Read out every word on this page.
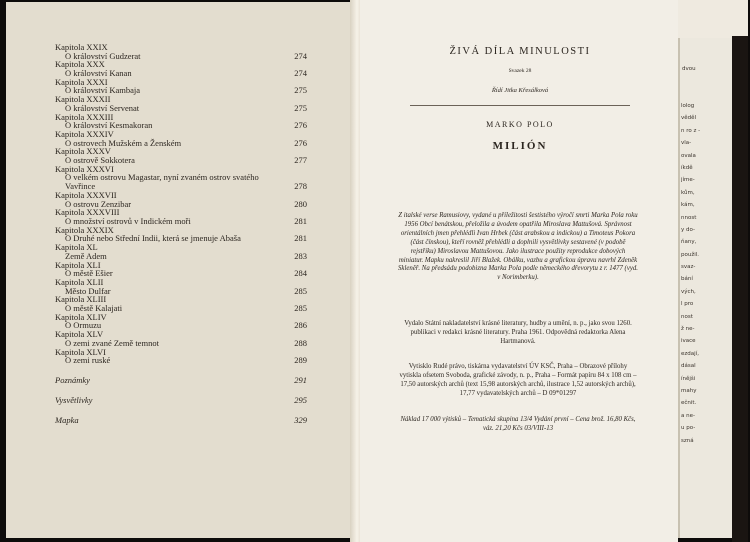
Kapitola XXIX
O království Gudzerat	274
Kapitola XXX
O království Kanan	274
Kapitola XXXI
O království Kambaja	275
Kapitola XXXII
O království Servenat	275
Kapitola XXXIII
O království Kesmakoran	276
Kapitola XXXIV
O ostrovech Mužském a Ženském	276
Kapitola XXXV
O ostrově Sokkotera	277
Kapitola XXXVI
O velkém ostrovu Magastar, nyní zvaném ostrov svatého
Vavřince	278
Kapitola XXXVII
O ostrovu Zenzibar	280
Kapitola XXXVIII
O množství ostrovů v Indickém moři	281
Kapitola XXXIX
O Druhé nebo Střední Indii, která se jmenuje Abaša	281
Kapitola XL
Země Adem	283
Kapitola XLI
O městě Ešier	284
Kapitola XLII
Město Dulfar	285
Kapitola XLIII
O městě Kalajati	285
Kapitola XLIV
O Ormuzu	286
Kapitola XLV
O zemi zvané Země temnot	288
Kapitola XLVI
O zemi ruské	289
Poznámky	291
Vysvětlivky	295
Mapka	329
ŽIVÁ DÍLA MINULOSTI
Svazek 28
Řídí Jitka Křesálková
MARKO POLO
MILIÓN
Z italské verse Ramusiovy, vydané u příležitosti šestistého výročí smrti Marka Pola roku 1956 Obcí benátskou, přeložila a úvodem opatřila Miroslava Mattušová. Správnost orientálních jmen přehlédli Ivan Hrbek (část arabskou a indickou) a Timoteus Pokora (část čínskou), kteří rovněž přehlédli a doplnili vysvětlivky sestavené (v podobě rejstříku) Miroslavou Mattušovou. Jako ilustrace použity reprodukce dobových miniatur. Mapku nakreslil Jiří Blažek. Obálku, vazbu a grafickou úpravu navrhl Zdeněk Skleněř. Na předsádu podobizna Marka Pola podle německého dřevorytu z r. 1477 (vyd. v Norimberku).
Vydalo Státní nakladatelství krásné literatury, hudby a umění, n. p., jako svou 1260. publikaci v redakci krásné literatury. Praha 1961. Odpovědná redaktorka Alena Hartmanová.
Vytisklo Rudé právo, tiskárna vydavatelství ÚV KSČ, Praha – Obrazové přílohy vytiskla ofsetem Svoboda, grafické závody, n. p., Praha – Formát papíru 84 x 108 cm – 17,50 autorských archů (text 15,98 autorských archů, ilustrace 1,52 autorských archů), 17,77 vydavatelských archů – D 09*01297
Náklad 17 000 výtisků – Tematická skupina 13/4 Vydání první – Cena brož. 16,80 Kčs, váz. 21,20 Kčs 03/VIII-13
dvou
lolog
věděl
n ro z -
vla-
ovala
íkdě
jíme-
kům,
kám,
nnost
y do-
ňany,
použil.
svaz-
bání
vých,
l pro
nost
ž ne-
ivace
ezdají,
dásal
ínějši
mahy
ečnit.
a ne-
u po-
szná
